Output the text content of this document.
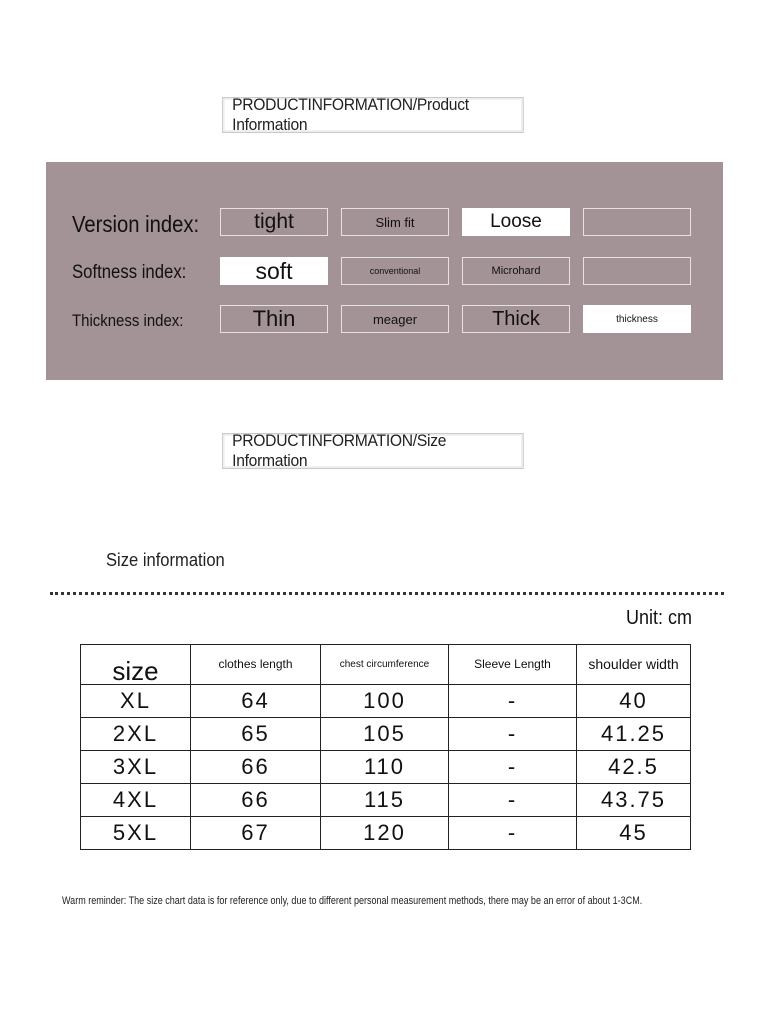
PRODUCTINFORMATION/Product Information
Version index:	tight	Slim fit	Loose
Softness index:	soft	conventional	Microhard
Thickness index:	Thin	meager	Thick	thickness
PRODUCTINFORMATION/Size Information
Size information
Unit: cm
size	clothes length	chest circumference	Sleeve Length	shoulder width
XL	64	100	-	40
2XL	65	105	-	41.25
3XL	66	110	-	42.5
4XL	66	115	-	43.75
5XL	67	120	-	45
Warm reminder: The size chart data is for reference only, due to different personal measurement methods, there may be an error of about 1-3CM.
